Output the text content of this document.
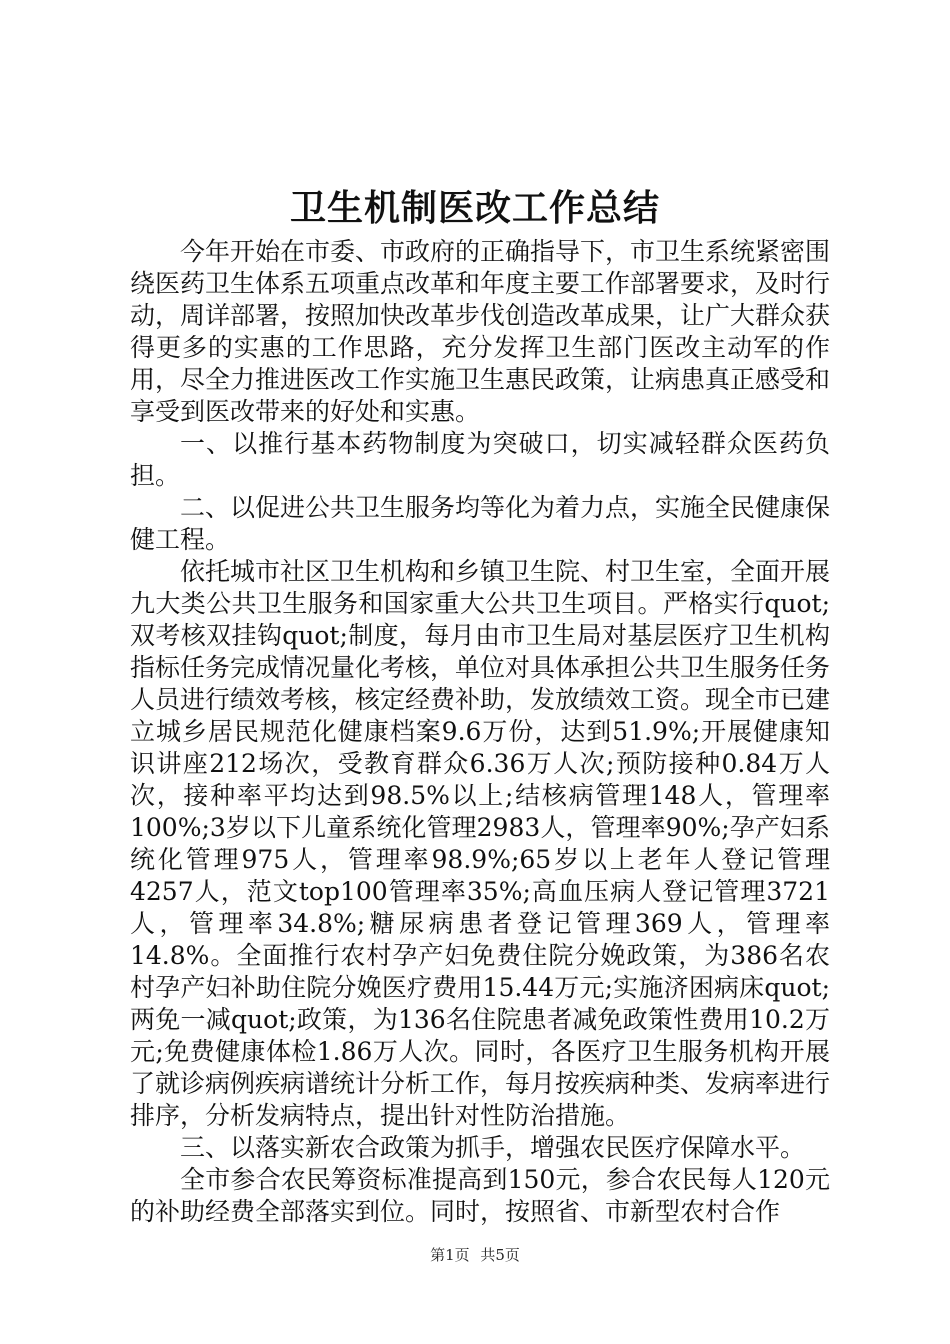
卫生机制医改工作总结

今年开始在市委、市政府的正确指导下，市卫生系统紧密围绕医药卫生体系五项重点改革和年度主要工作部署要求，及时行动，周详部署，按照加快改革步伐创造改革成果，让广大群众获得更多的实惠的工作思路，充分发挥卫生部门医改主动军的作用，尽全力推进医改工作实施卫生惠民政策，让病患真正感受和享受到医改带来的好处和实惠。

一、以推行基本药物制度为突破口，切实减轻群众医药负担。

二、以促进公共卫生服务均等化为着力点，实施全民健康保健工程。

依托城市社区卫生机构和乡镇卫生院、村卫生室，全面开展九大类公共卫生服务和国家重大公共卫生项目。严格实行quot;双考核双挂钩quot;制度，每月由市卫生局对基层医疗卫生机构指标任务完成情况量化考核，单位对具体承担公共卫生服务任务人员进行绩效考核，核定经费补助，发放绩效工资。现全市已建立城乡居民规范化健康档案9.6万份，达到51.9%;开展健康知识讲座212场次，受教育群众6.36万人次;预防接种0.84万人次，接种率平均达到98.5%以上;结核病管理148人，管理率100%;3岁以下儿童系统化管理2983人，管理率90%;孕产妇系统化管理975人，管理率98.9%;65岁以上老年人登记管理4257人，范文top100管理率35%;高血压病人登记管理3721人，管理率34.8%;糖尿病患者登记管理369人，管理率14.8%。全面推行农村孕产妇免费住院分娩政策，为386名农村孕产妇补助住院分娩医疗费用15.44万元;实施济困病床quot;两免一减quot;政策，为136名住院患者减免政策性费用10.2万元;免费健康体检1.86万人次。同时，各医疗卫生服务机构开展了就诊病例疾病谱统计分析工作，每月按疾病种类、发病率进行排序，分析发病特点，提出针对性防治措施。

三、以落实新农合政策为抓手，增强农民医疗保障水平。

全市参合农民筹资标准提高到150元，参合农民每人120元的补助经费全部落实到位。同时，按照省、市新型农村合作

第1页 共5页
